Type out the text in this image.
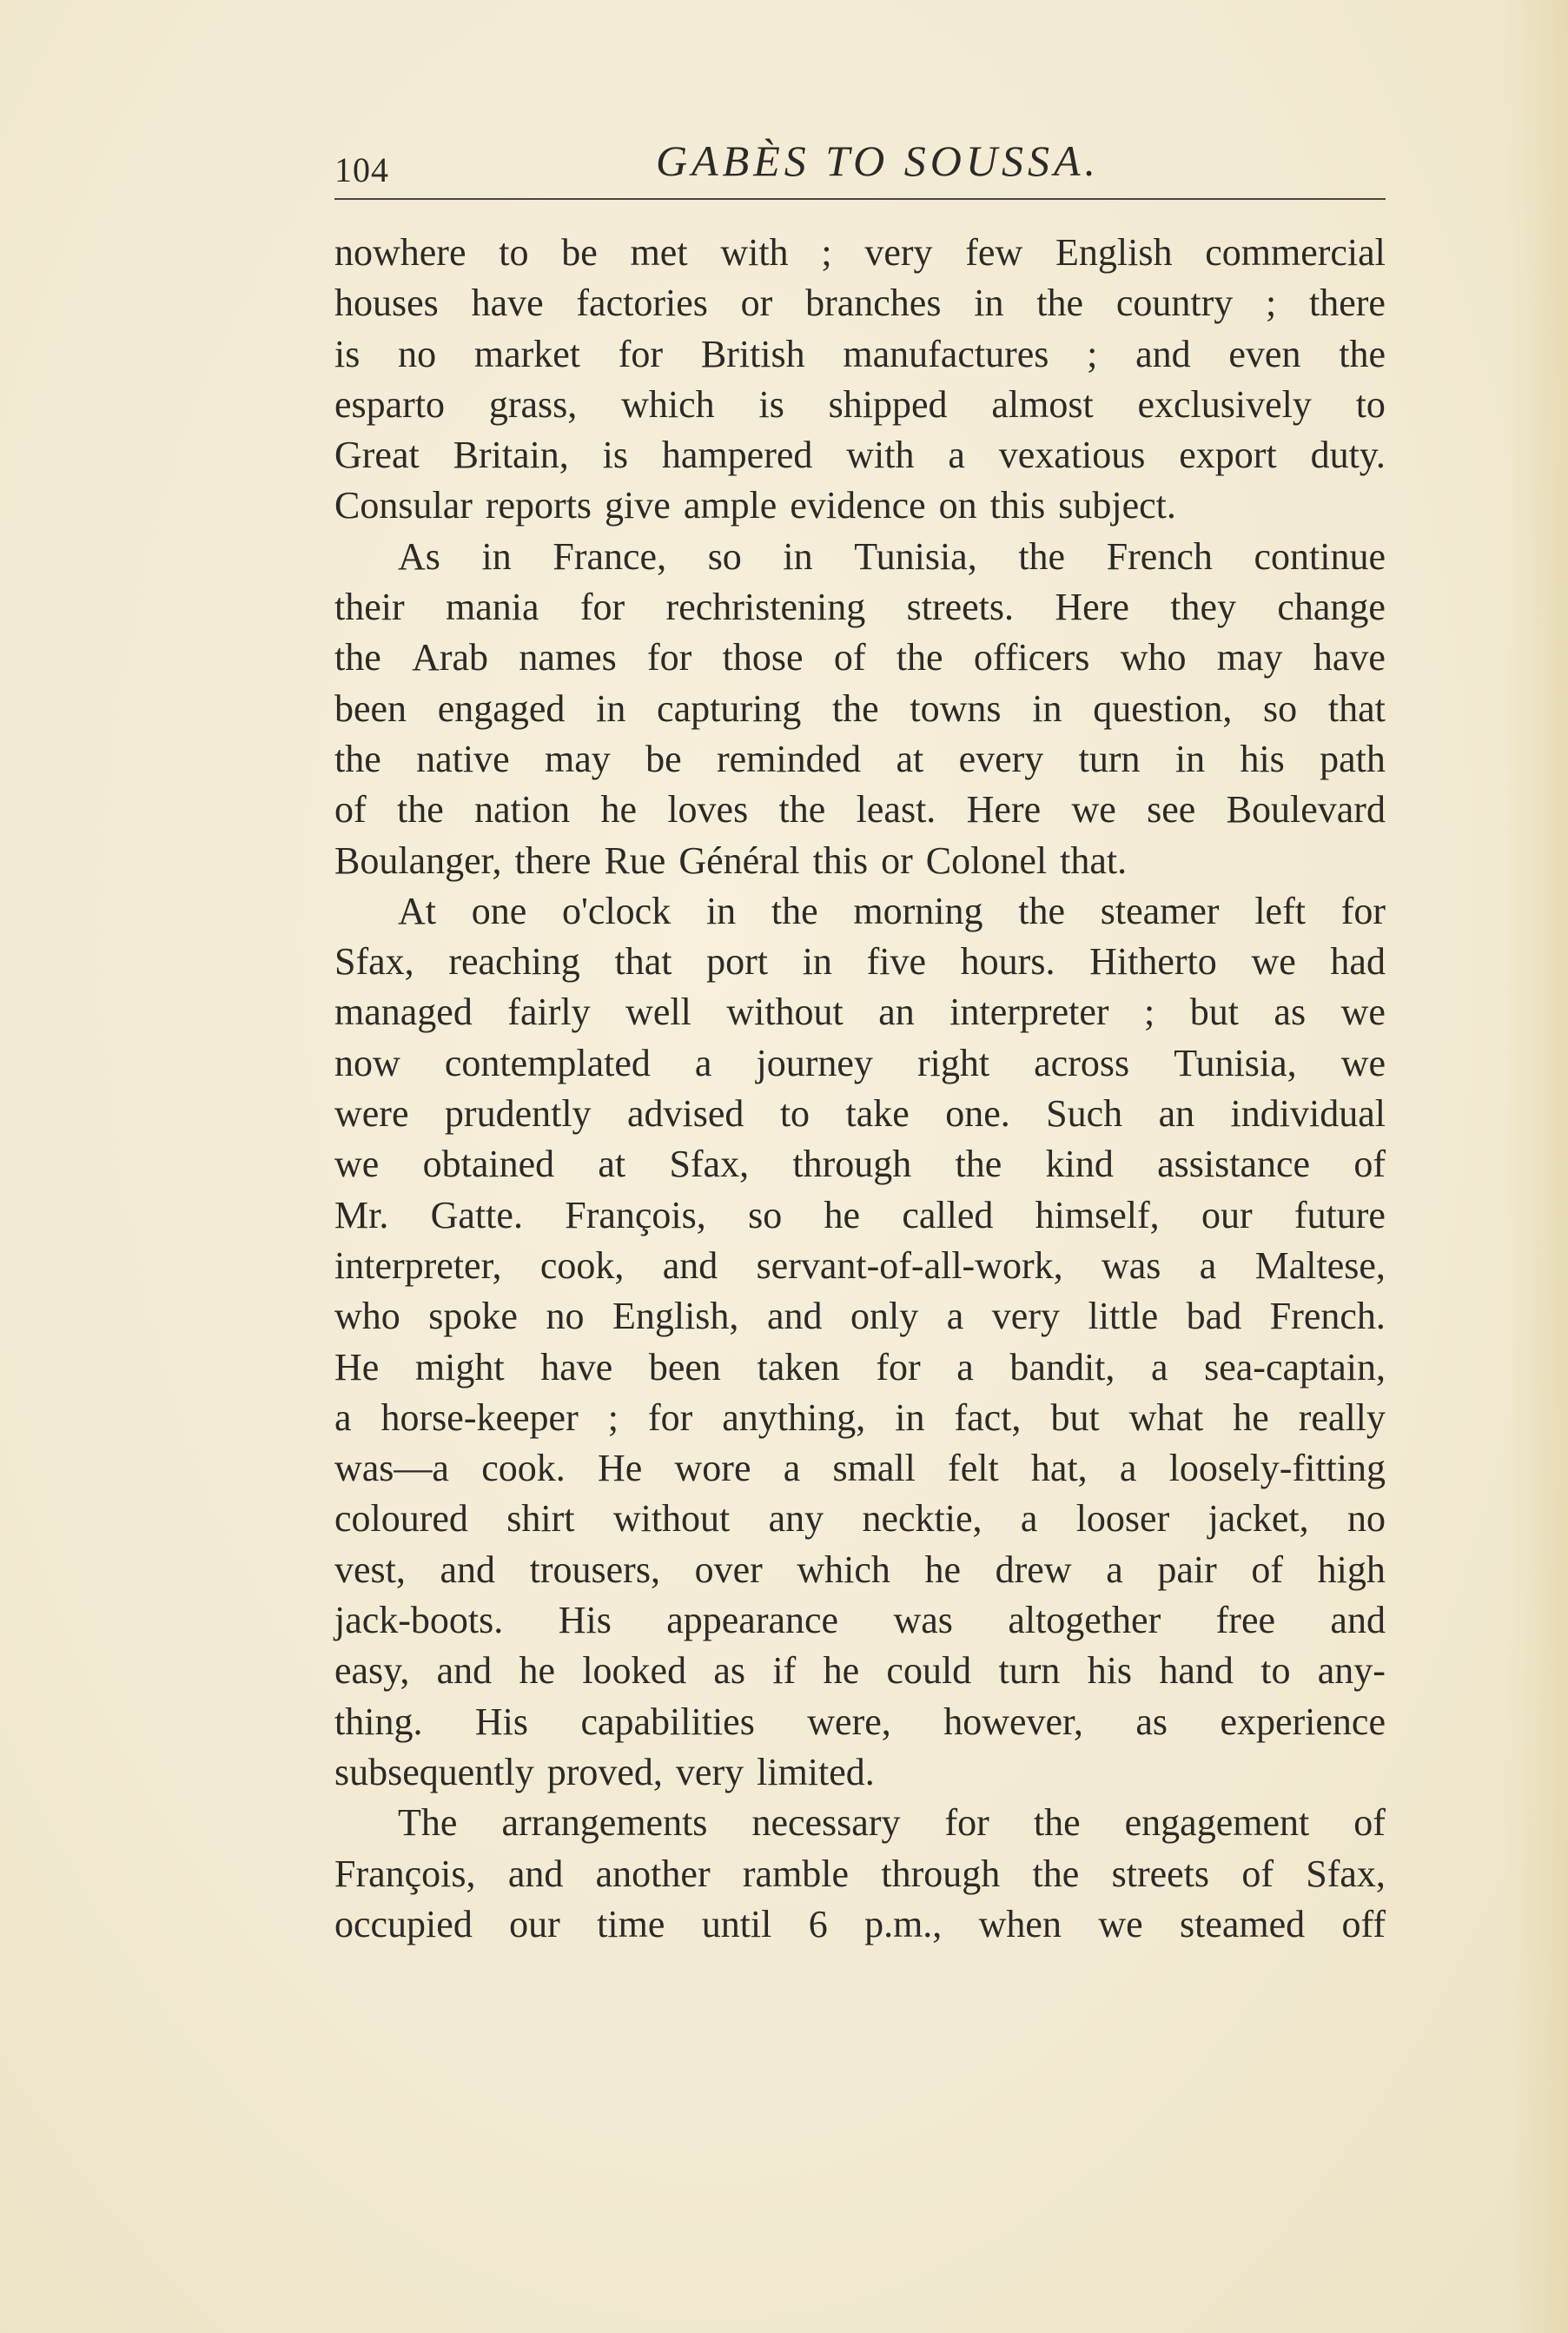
104	GABÈS TO SOUSSA.
nowhere to be met with ; very few English commercial
houses have factories or branches in the country ; there
is no market for British manufactures ; and even the
esparto grass, which is shipped almost exclusively to
Great Britain, is hampered with a vexatious export duty.
Consular reports give ample evidence on this subject.
As in France, so in Tunisia, the French continue
their mania for rechristening streets. Here they change
the Arab names for those of the officers who may have
been engaged in capturing the towns in question, so that
the native may be reminded at every turn in his path
of the nation he loves the least. Here we see Boulevard
Boulanger, there Rue Général this or Colonel that.
At one o'clock in the morning the steamer left for
Sfax, reaching that port in five hours. Hitherto we had
managed fairly well without an interpreter ; but as we
now contemplated a journey right across Tunisia, we
were prudently advised to take one. Such an individual
we obtained at Sfax, through the kind assistance of
Mr. Gatte. François, so he called himself, our future
interpreter, cook, and servant-of-all-work, was a Maltese,
who spoke no English, and only a very little bad French.
He might have been taken for a bandit, a sea-captain,
a horse-keeper ; for anything, in fact, but what he really
was—a cook. He wore a small felt hat, a loosely-fitting
coloured shirt without any necktie, a looser jacket, no
vest, and trousers, over which he drew a pair of high
jack-boots. His appearance was altogether free and
easy, and he looked as if he could turn his hand to any-
thing. His capabilities were, however, as experience
subsequently proved, very limited.
The arrangements necessary for the engagement of
François, and another ramble through the streets of Sfax,
occupied our time until 6 p.m., when we steamed off
